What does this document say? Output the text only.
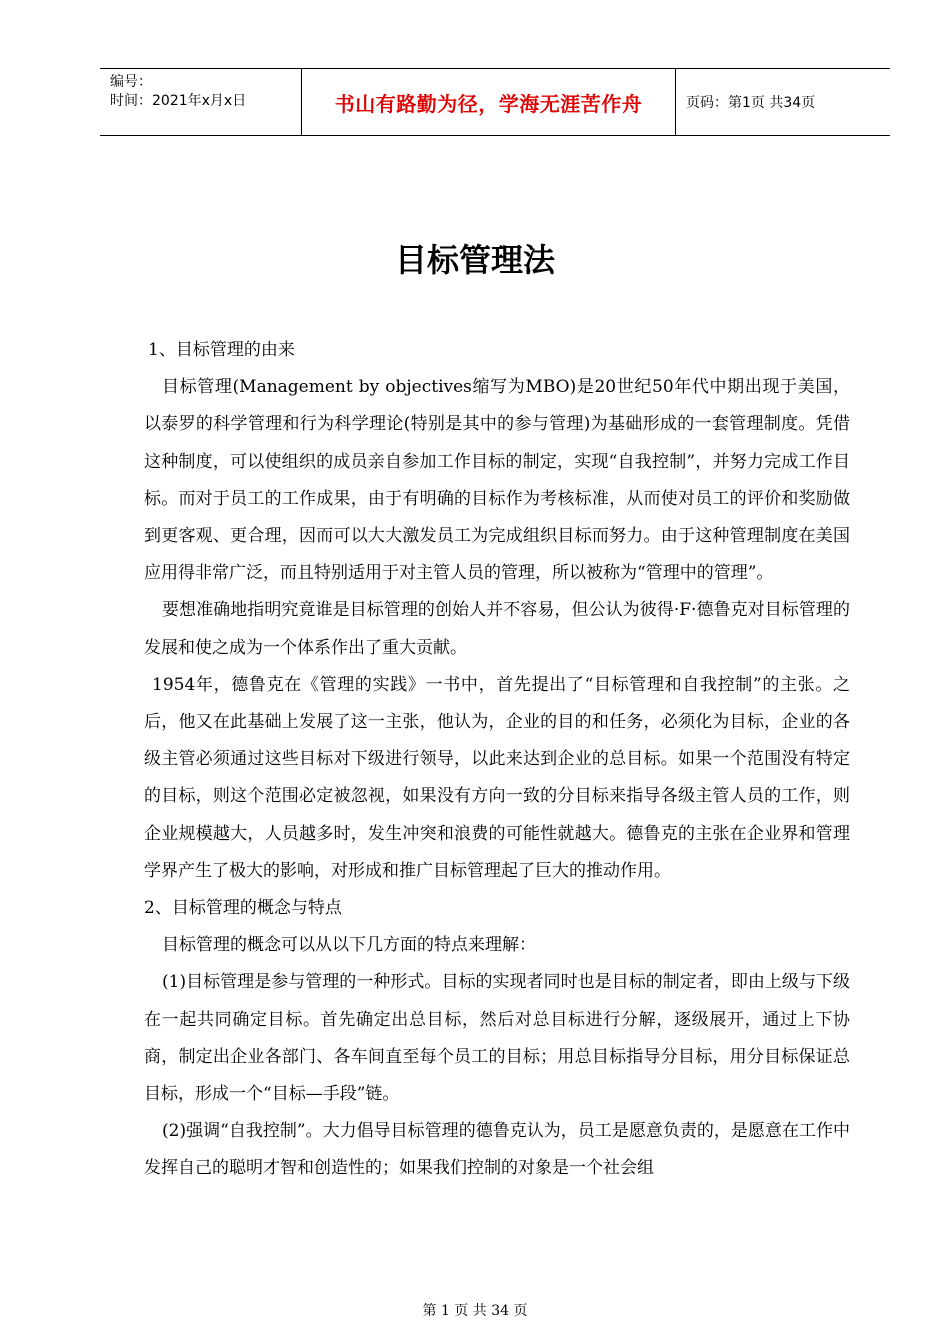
编号：
时间：2021年x月x日	书山有路勤为径，学海无涯苦作舟	页码：第1页 共34页
目标管理法

1、目标管理的由来

目标管理(Management by objectives缩写为MBO)是20世纪50年代中期出现于美国，以泰罗的科学管理和行为科学理论(特别是其中的参与管理)为基础形成的一套管理制度。凭借这种制度，可以使组织的成员亲自参加工作目标的制定，实现“自我控制”，并努力完成工作目标。而对于员工的工作成果，由于有明确的目标作为考核标准，从而使对员工的评价和奖励做到更客观、更合理，因而可以大大激发员工为完成组织目标而努力。由于这种管理制度在美国应用得非常广泛，而且特别适用于对主管人员的管理，所以被称为“管理中的管理”。

要想准确地指明究竟谁是目标管理的创始人并不容易，但公认为彼得·F·德鲁克对目标管理的发展和使之成为一个体系作出了重大贡献。

1954年，德鲁克在《管理的实践》一书中，首先提出了“目标管理和自我控制”的主张。之后，他又在此基础上发展了这一主张，他认为，企业的目的和任务，必须化为目标，企业的各级主管必须通过这些目标对下级进行领导，以此来达到企业的总目标。如果一个范围没有特定的目标，则这个范围必定被忽视，如果没有方向一致的分目标来指导各级主管人员的工作，则企业规模越大，人员越多时，发生冲突和浪费的可能性就越大。德鲁克的主张在企业界和管理学界产生了极大的影响，对形成和推广目标管理起了巨大的推动作用。

2、目标管理的概念与特点

目标管理的概念可以从以下几方面的特点来理解：

(1)目标管理是参与管理的一种形式。目标的实现者同时也是目标的制定者，即由上级与下级在一起共同确定目标。首先确定出总目标，然后对总目标进行分解，逐级展开，通过上下协商，制定出企业各部门、各车间直至每个员工的目标；用总目标指导分目标，用分目标保证总目标，形成一个“目标—手段”链。

(2)强调“自我控制”。大力倡导目标管理的德鲁克认为，员工是愿意负责的，是愿意在工作中发挥自己的聪明才智和创造性的；如果我们控制的对象是一个社会组

第 1 页 共 34 页
